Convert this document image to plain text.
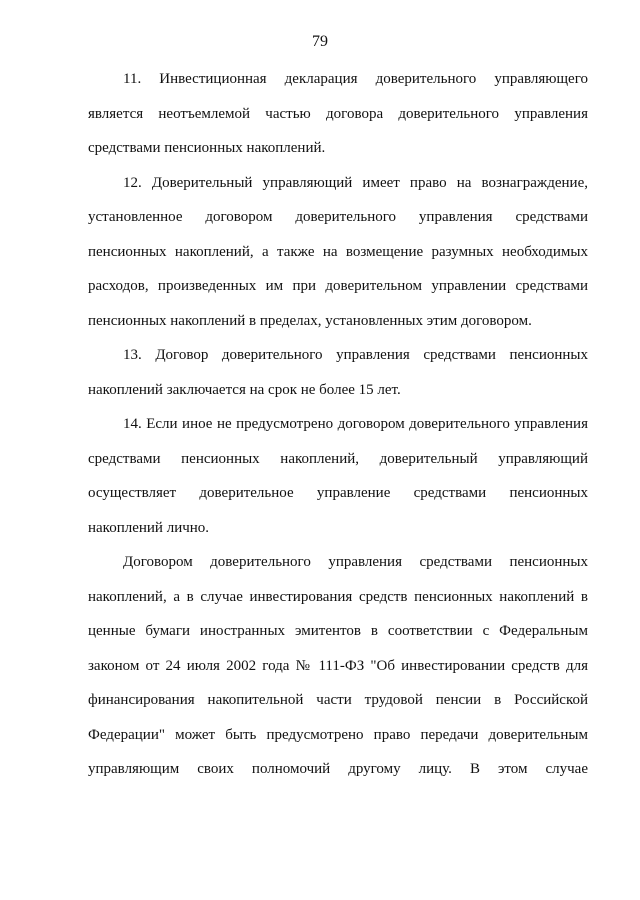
79
11. Инвестиционная декларация доверительного управляющего
является неотъемлемой частью договора доверительного управления
средствами пенсионных накоплений.
12. Доверительный управляющий имеет право на вознаграждение,
установленное договором доверительного управления средствами
пенсионных накоплений, а также на возмещение разумных необходимых
расходов, произведенных им при доверительном управлении средствами
пенсионных накоплений в пределах, установленных этим договором.
13. Договор доверительного управления средствами пенсионных
накоплений заключается на срок не более 15 лет.
14. Если иное не предусмотрено договором доверительного управления
средствами пенсионных накоплений, доверительный управляющий
осуществляет доверительное управление средствами пенсионных
накоплений лично.
Договором доверительного управления средствами пенсионных
накоплений, а в случае инвестирования средств пенсионных накоплений в
ценные бумаги иностранных эмитентов в соответствии с Федеральным
законом от 24 июля 2002 года № 111-ФЗ "Об инвестировании средств для
финансирования накопительной части трудовой пенсии в Российской
Федерации" может быть предусмотрено право передачи доверительным
управляющим своих полномочий другому лицу. В этом случае
